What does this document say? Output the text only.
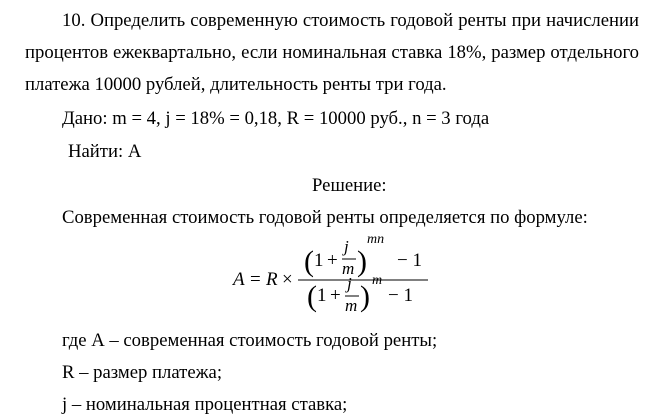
10. Определить современную стоимость годовой ренты при начислении
процентов ежеквартально, если номинальная ставка 18%, размер отдельного
платежа 10000 рублей, длительность ренты три года.
Дано: m = 4, j = 18% = 0,18, R = 10000 руб., n = 3 года
Найти: А
Решение:
Современная стоимость годовой ренты определяется по формуле:
A = R ×
( 1 +
j
m )
mn
− 1
( 1 +
j
m ) m
− 1
где А – современная стоимость годовой ренты;
R – размер платежа;
j – номинальная процентная ставка;
